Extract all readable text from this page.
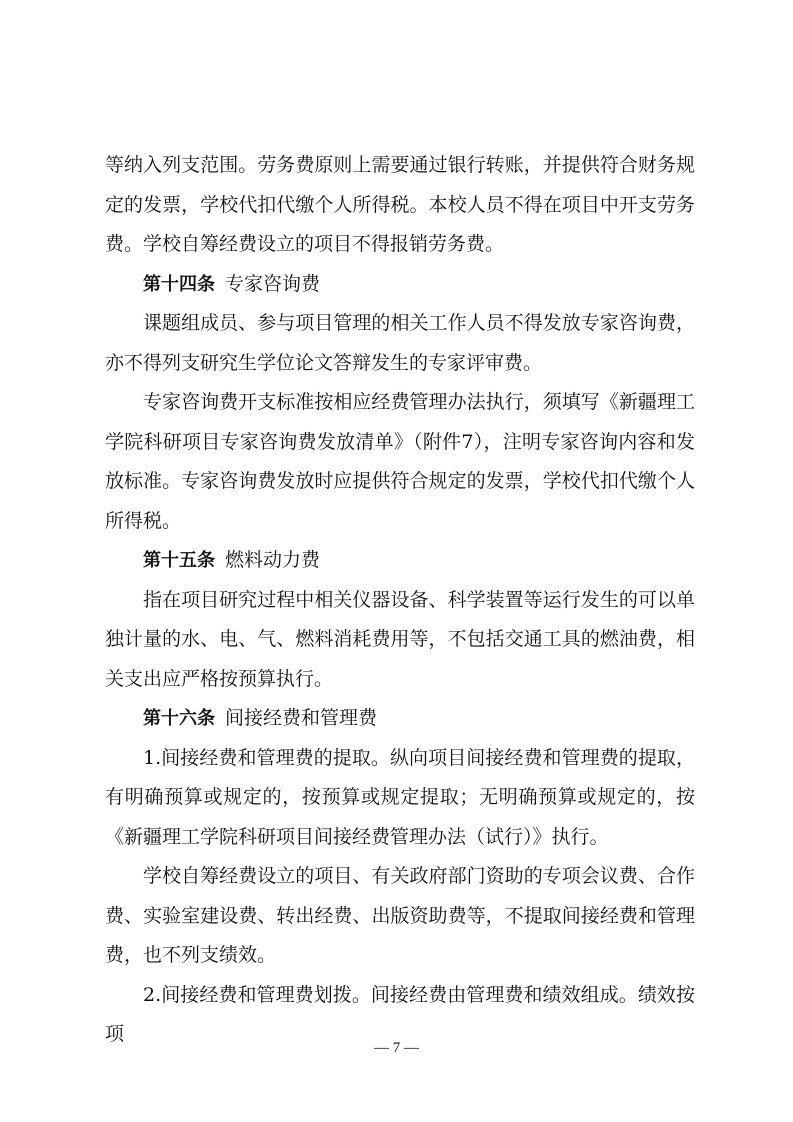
等纳入列支范围。劳务费原则上需要通过银行转账，并提供符合财务规定的发票，学校代扣代缴个人所得税。本校人员不得在项目中开支劳务费。学校自筹经费设立的项目不得报销劳务费。

第十四条 专家咨询费

课题组成员、参与项目管理的相关工作人员不得发放专家咨询费，亦不得列支研究生学位论文答辩发生的专家评审费。

专家咨询费开支标准按相应经费管理办法执行，须填写《新疆理工学院科研项目专家咨询费发放清单》（附件7），注明专家咨询内容和发放标准。专家咨询费发放时应提供符合规定的发票，学校代扣代缴个人所得税。

第十五条 燃料动力费

指在项目研究过程中相关仪器设备、科学装置等运行发生的可以单独计量的水、电、气、燃料消耗费用等，不包括交通工具的燃油费，相关支出应严格按预算执行。

第十六条 间接经费和管理费

1.间接经费和管理费的提取。纵向项目间接经费和管理费的提取，有明确预算或规定的，按预算或规定提取；无明确预算或规定的，按《新疆理工学院科研项目间接经费管理办法（试行）》执行。

学校自筹经费设立的项目、有关政府部门资助的专项会议费、合作费、实验室建设费、转出经费、出版资助费等，不提取间接经费和管理费，也不列支绩效。

2.间接经费和管理费划拨。间接经费由管理费和绩效组成。绩效按项

— 7 —
